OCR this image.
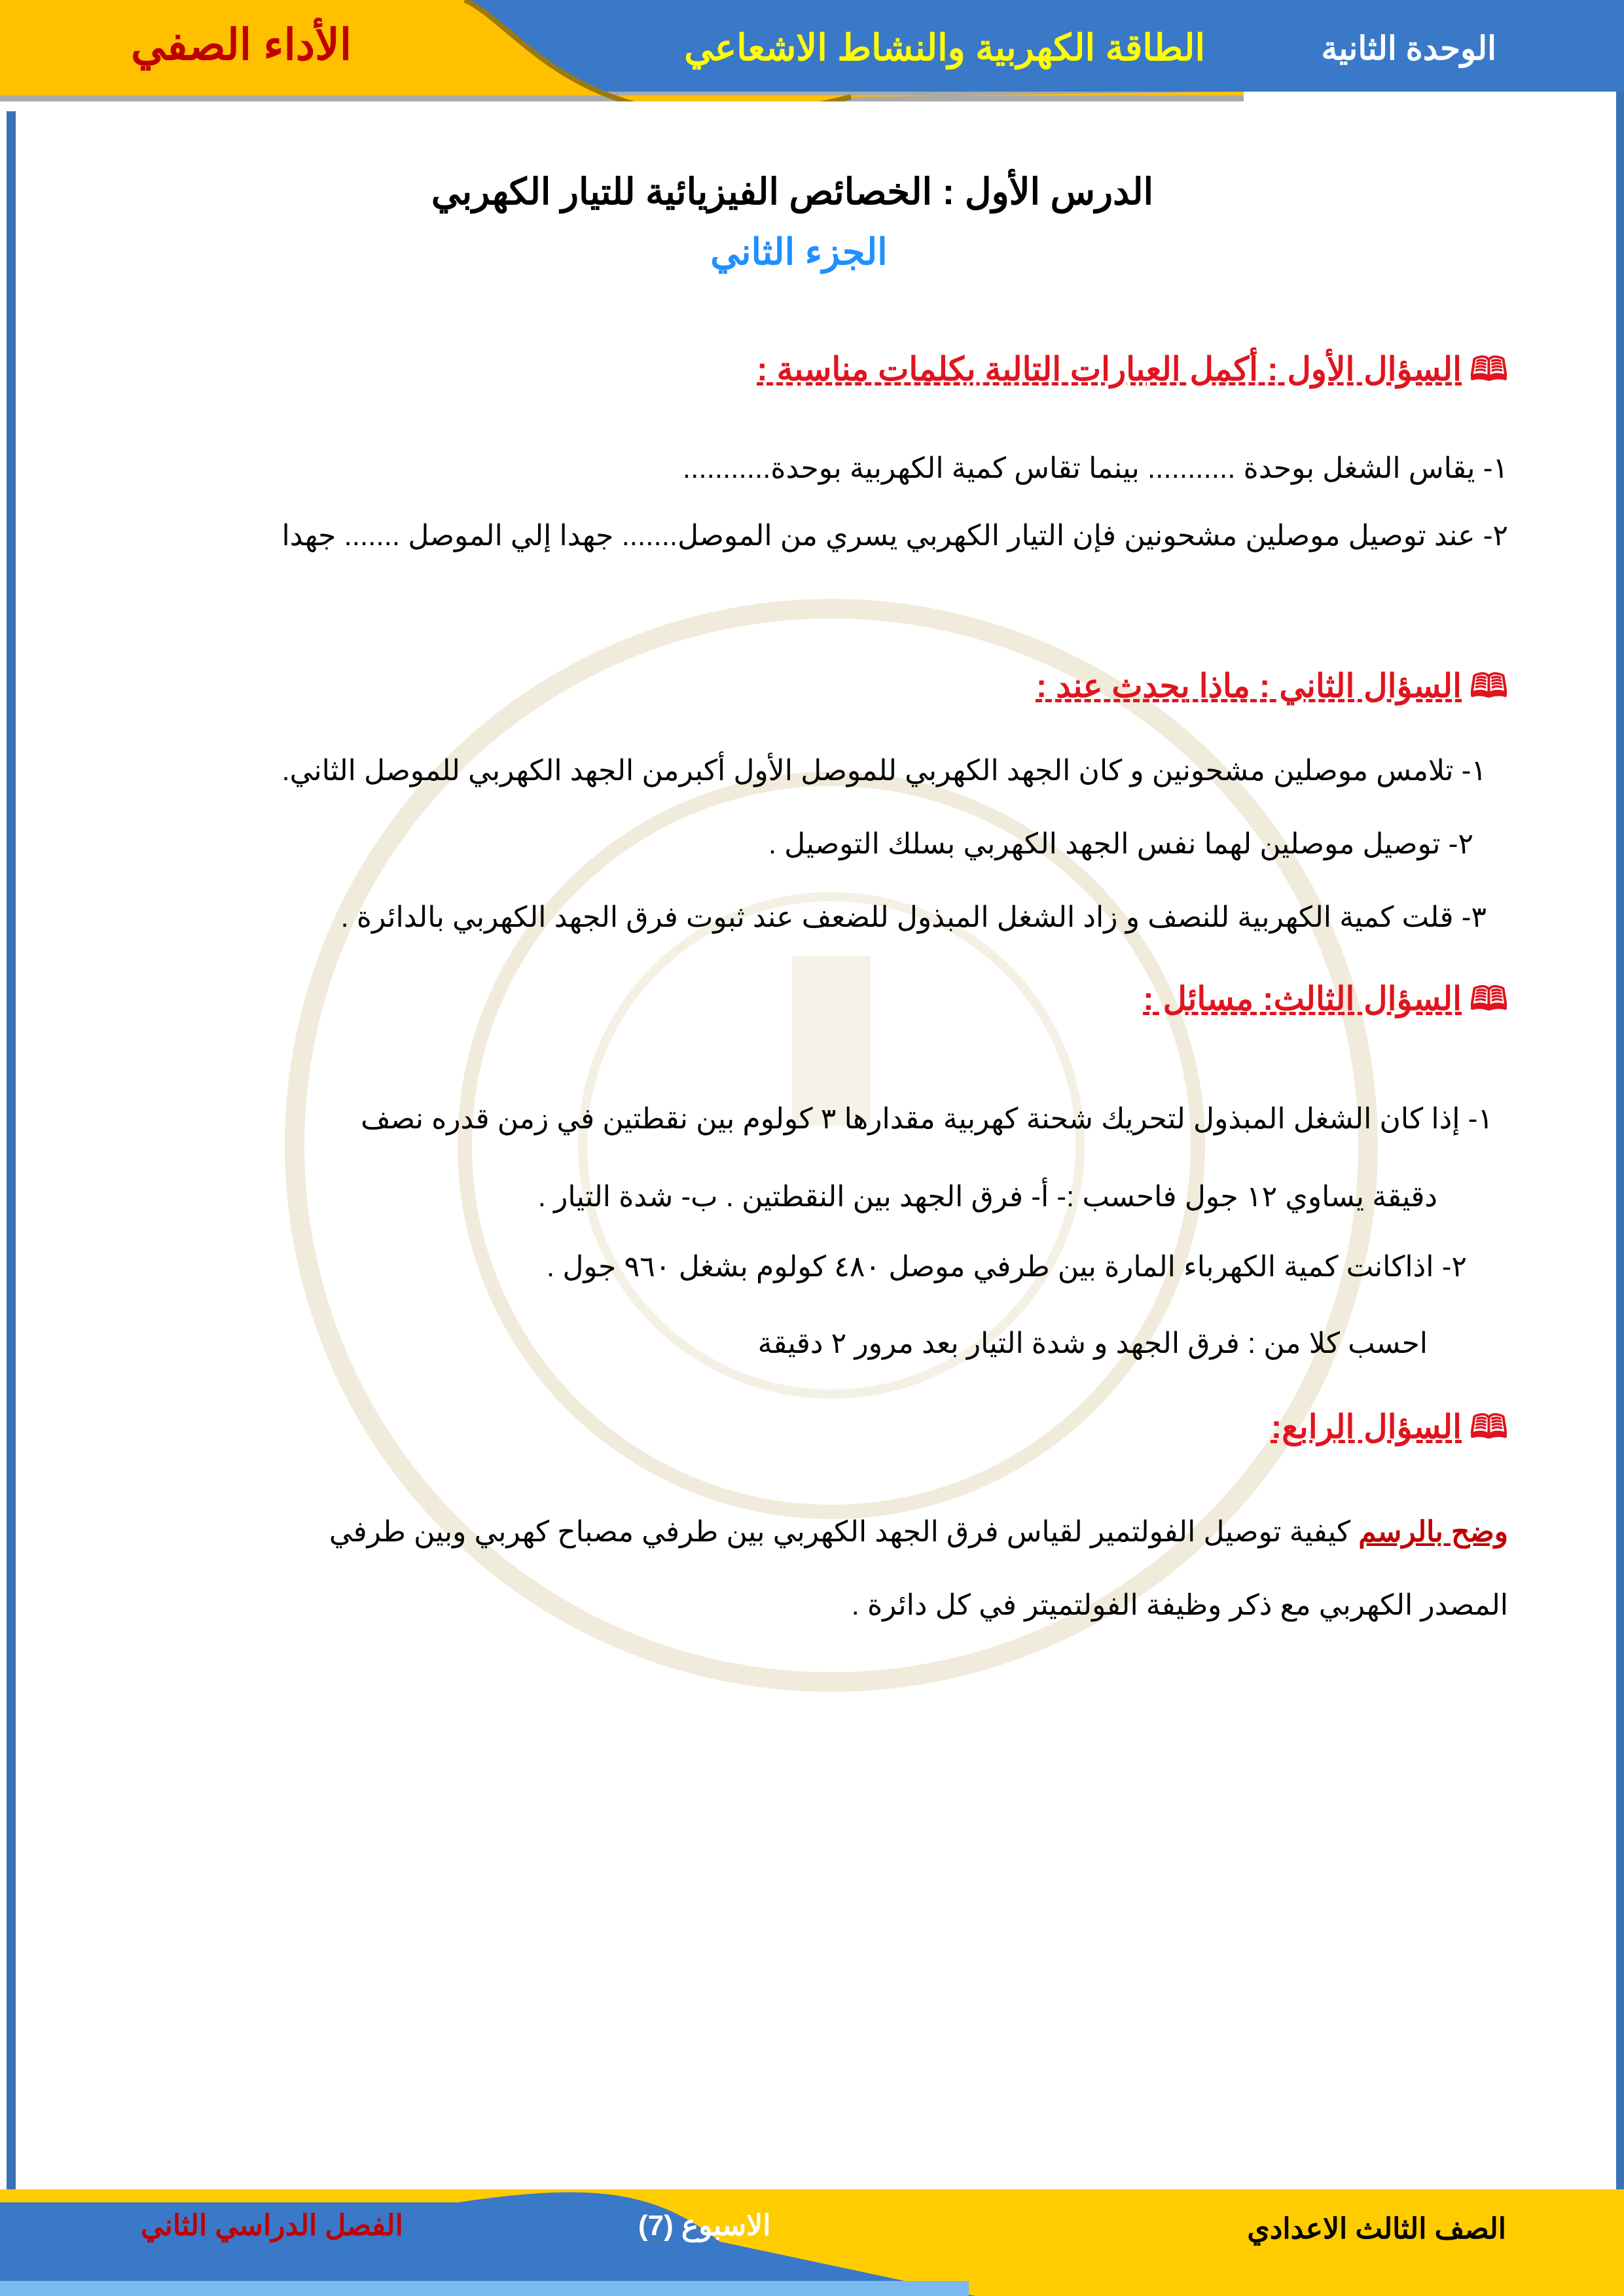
الوحدة الثانية
الطاقة الكهربية والنشاط الاشعاعي
الأداء الصفي
الدرس الأول : الخصائص الفيزيائية للتيار الكهربي
الجزء الثاني
🕮السؤال الأول : أكمل العبارات التالية بكلمات مناسبة :
١- يقاس الشغل بوحدة ........... بينما تقاس كمية الكهربية بوحدة...........
٢- عند توصيل موصلين مشحونين فإن التيار الكهربي يسري من الموصل....... جهدا إلي الموصل ....... جهدا
🕮السؤال الثاني : ماذا يحدث عند :
١- تلامس موصلين مشحونين و كان الجهد الكهربي للموصل الأول أكبرمن الجهد الكهربي للموصل الثاني.
٢- توصيل موصلين لهما نفس الجهد الكهربي بسلك التوصيل .
٣- قلت كمية الكهربية للنصف و زاد الشغل المبذول للضعف عند ثبوت فرق الجهد الكهربي بالدائرة .
🕮السؤال الثالث: مسائل :
١- إذا كان الشغل المبذول لتحريك شحنة كهربية مقدارها ٣ كولوم بين نقطتين في زمن قدره نصف
دقيقة يساوي ١٢ جول فاحسب :- أ- فرق الجهد بين النقطتين . ب- شدة التيار .
٢- اذاكانت كمية الكهرباء المارة بين طرفي موصل ٤٨٠ كولوم بشغل ٩٦٠ جول .
احسب كلا من : فرق الجهد و شدة التيار بعد مرور ٢ دقيقة
🕮السؤال الرابع:
وضح بالرسم كيفية توصيل الفولتمير لقياس فرق الجهد الكهربي بين طرفي مصباح كهربي وبين طرفي
المصدر الكهربي مع ذكر وظيفة الفولتميتر في كل دائرة .
الصف الثالث الاعدادي
الاسبوع (7)
الفصل الدراسي الثاني
